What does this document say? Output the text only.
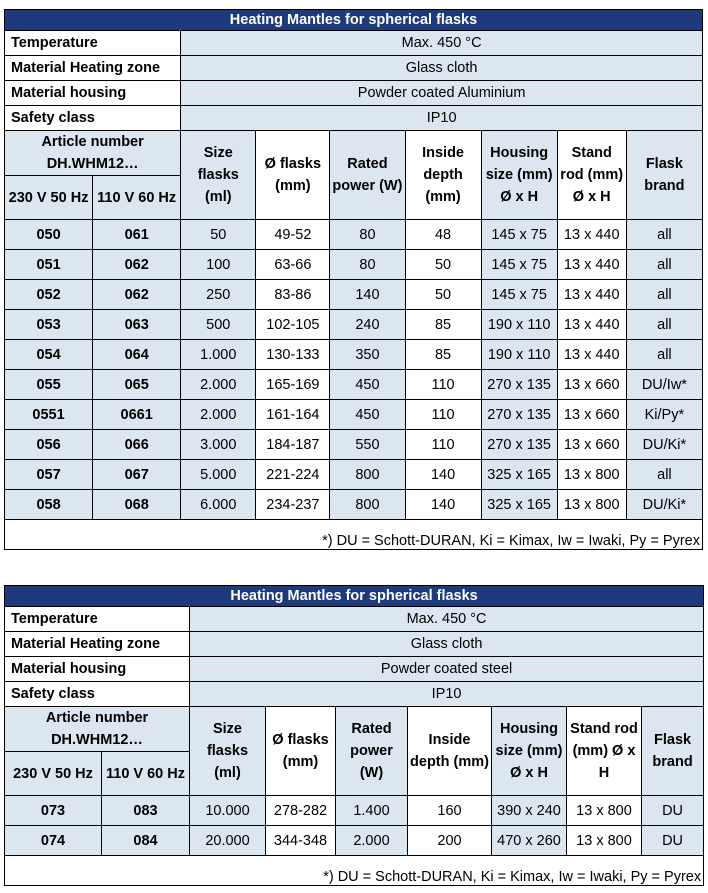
Heating Mantles for spherical flasks								
Temperature		Max. 450 °C						
Material Heating zone		Glass cloth						
Material housing		Powder coated Aluminium						
Safety class		IP10						
Article number DH.WHM12…		Size flasks (ml)	Ø flasks (mm)	Rated power (W)	Inside depth (mm)	Housing size (mm) Ø x H	Stand rod (mm) Ø x H	Flask brand
230 V 50 Hz	110 V 60 Hz							
050	061	50	49-52	80	48	145 x 75	13 x 440	all
051	062	100	63-66	80	50	145 x 75	13 x 440	all
052	062	250	83-86	140	50	145 x 75	13 x 440	all
053	063	500	102-105	240	85	190 x 110	13 x 440	all
054	064	1.000	130-133	350	85	190 x 110	13 x 440	all
055	065	2.000	165-169	450	110	270 x 135	13 x 660	DU/Iw*
0551	0661	2.000	161-164	450	110	270 x 135	13 x 660	Ki/Py*
056	066	3.000	184-187	550	110	270 x 135	13 x 660	DU/Ki*
057	067	5.000	221-224	800	140	325 x 165	13 x 800	all
058	068	6.000	234-237	800	140	325 x 165	13 x 800	DU/Ki*
*) DU = Schott-DURAN, Ki = Kimax, Iw = Iwaki, Py = Pyrex								
Heating Mantles for spherical flasks								
Temperature		Max. 450 °C						
Material Heating zone		Glass cloth						
Material housing		Powder coated steel						
Safety class		IP10						
Article number DH.WHM12…		Size flasks (ml)	Ø flasks (mm)	Rated power (W)	Inside depth (mm)	Housing size (mm) Ø x H	Stand rod (mm) Ø x H	Flask brand
230 V 50 Hz	110 V 60 Hz							
073	083	10.000	278-282	1.400	160	390 x 240	13 x 800	DU
074	084	20.000	344-348	2.000	200	470 x 260	13 x 800	DU
*) DU = Schott-DURAN, Ki = Kimax, Iw = Iwaki, Py = Pyrex								
